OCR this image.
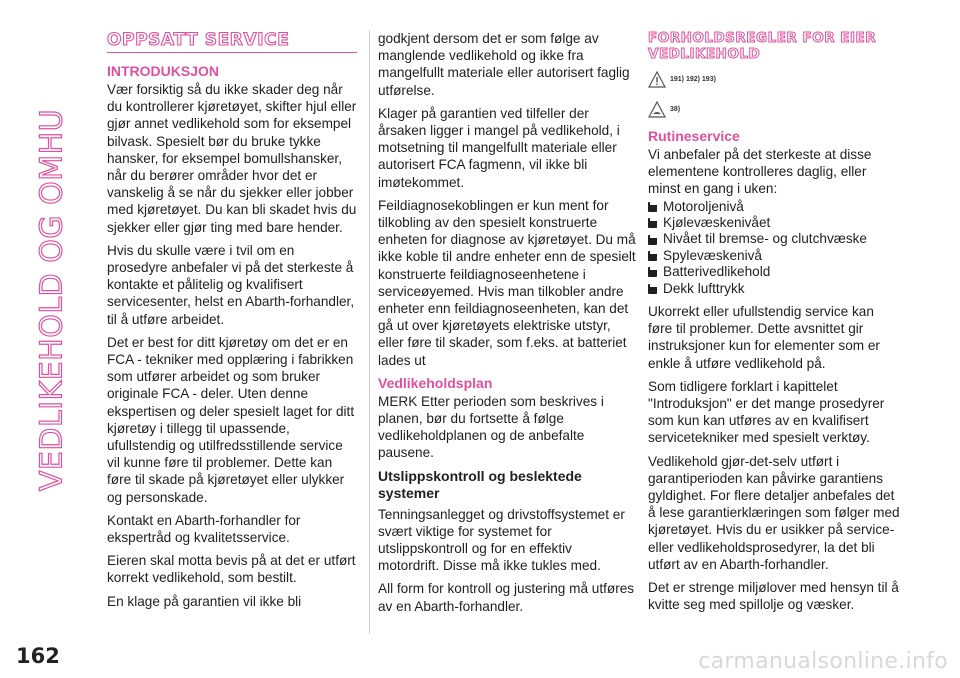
VEDLIKEHOLD OG OMHU
OPPSATT SERVICE
INTRODUKSJON

Vær forsiktig så du ikke skader deg når du kontrollerer kjøretøyet, skifter hjul eller gjør annet vedlikehold som for eksempel bilvask. Spesielt bør du bruke tykke hansker, for eksempel bomullshansker, når du berører områder hvor det er vanskelig å se når du sjekker eller jobber med kjøretøyet. Du kan bli skadet hvis du sjekker eller gjør ting med bare hender.

Hvis du skulle være i tvil om en prosedyre anbefaler vi på det sterkeste å kontakte et pålitelig og kvalifisert servicesenter, helst en Abarth-forhandler, til å utføre arbeidet.

Det er best for ditt kjøretøy om det er en FCA - tekniker med opplæring i fabrikken som utfører arbeidet og som bruker originale FCA - deler. Uten denne ekspertisen og deler spesielt laget for ditt kjøretøy i tillegg til upassende, ufullstendig og utilfredsstillende service vil kunne føre til problemer. Dette kan føre til skade på kjøretøyet eller ulykker og personskade.

Kontakt en Abarth-forhandler for ekspertråd og kvalitetsservice.

Eieren skal motta bevis på at det er utført korrekt vedlikehold, som bestilt.

En klage på garantien vil ikke bli

godkjent dersom det er som følge av manglende vedlikehold og ikke fra mangelfullt materiale eller autorisert faglig utførelse.

Klager på garantien ved tilfeller der årsaken ligger i mangel på vedlikehold, i motsetning til mangelfullt materiale eller autorisert FCA fagmenn, vil ikke bli imøtekommet.

Feildiagnosekoblingen er kun ment for tilkobling av den spesielt konstruerte enheten for diagnose av kjøretøyet. Du må ikke koble til andre enheter enn de spesielt konstruerte feildiagnoseenhetene i serviceøyemed. Hvis man tilkobler andre enheter enn feildiagnoseenheten, kan det gå ut over kjøretøyets elektriske utstyr, eller føre til skader, som f.eks. at batteriet lades ut

Vedlikeholdsplan

MERK Etter perioden som beskrives i planen, bør du fortsette å følge vedlikeholdplanen og de anbefalte pausene.

Utslippskontroll og beslektede systemer

Tenningsanlegget og drivstoffsystemet er svært viktige for systemet for utslippskontroll og for en effektiv motordrift. Disse må ikke tukles med.

All form for kontroll og justering må utføres av en Abarth-forhandler.

FORHOLDSREGLER FOR EIER VEDLIKEHOLD
191) 192) 193)
38)
Rutineservice

Vi anbefaler på det sterkeste at disse elementene kontrolleres daglig, eller minst en gang i uken:

Motoroljenivå
Kjølevæskenivået
Nivået til bremse- og clutchvæske
Spylevæskenivå
Batterivedlikehold
Dekk lufttrykk

Ukorrekt eller ufullstendig service kan føre til problemer. Dette avsnittet gir instruksjoner kun for elementer som er enkle å utføre vedlikehold på.

Som tidligere forklart i kapittelet "Introduksjon" er det mange prosedyrer som kun kan utføres av en kvalifisert servicetekniker med spesielt verktøy.

Vedlikehold gjør-det-selv utført i garantiperioden kan påvirke garantiens gyldighet. For flere detaljer anbefales det å lese garantierklæringen som følger med kjøretøyet. Hvis du er usikker på service- eller vedlikeholdsprosedyrer, la det bli utført av en Abarth-forhandler.

Det er strenge miljølover med hensyn til å kvitte seg med spillolje og væsker.

162	carmanualsonline.info
